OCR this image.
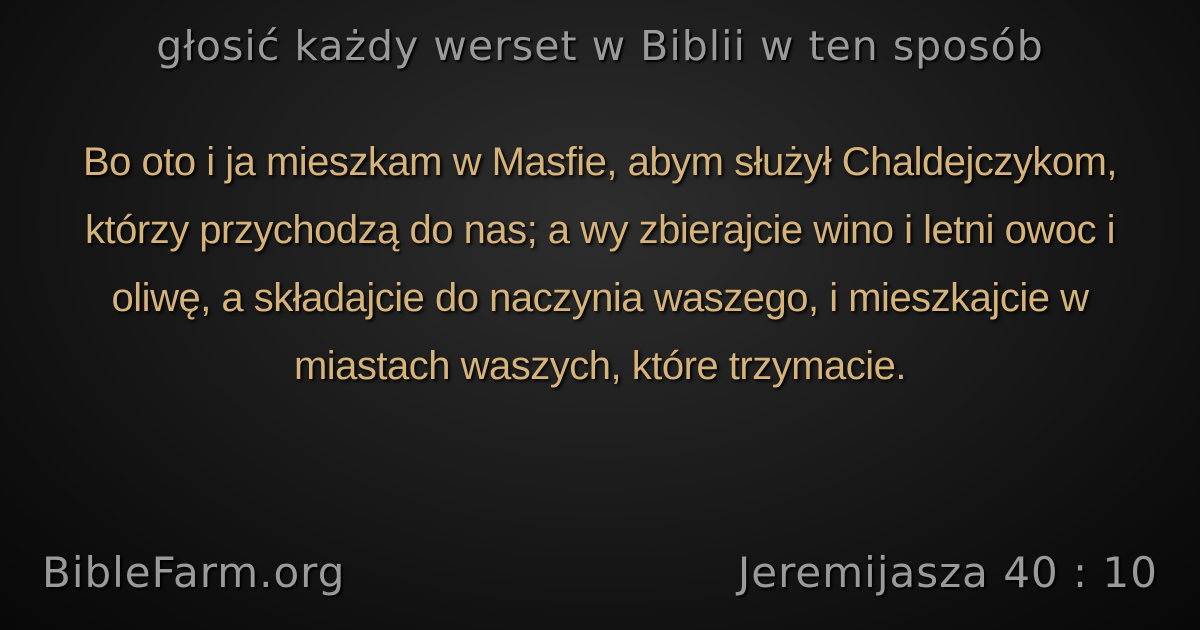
głosić każdy werset w Biblii w ten sposób
Bo oto i ja mieszkam w Masfie, abym służył Chaldejczykom, którzy przychodzą do nas; a wy zbierajcie wino i letni owoc i oliwę, a składajcie do naczynia waszego, i mieszkajcie w miastach waszych, które trzymacie.
BibleFarm.org	Jeremijasza 40 : 10
